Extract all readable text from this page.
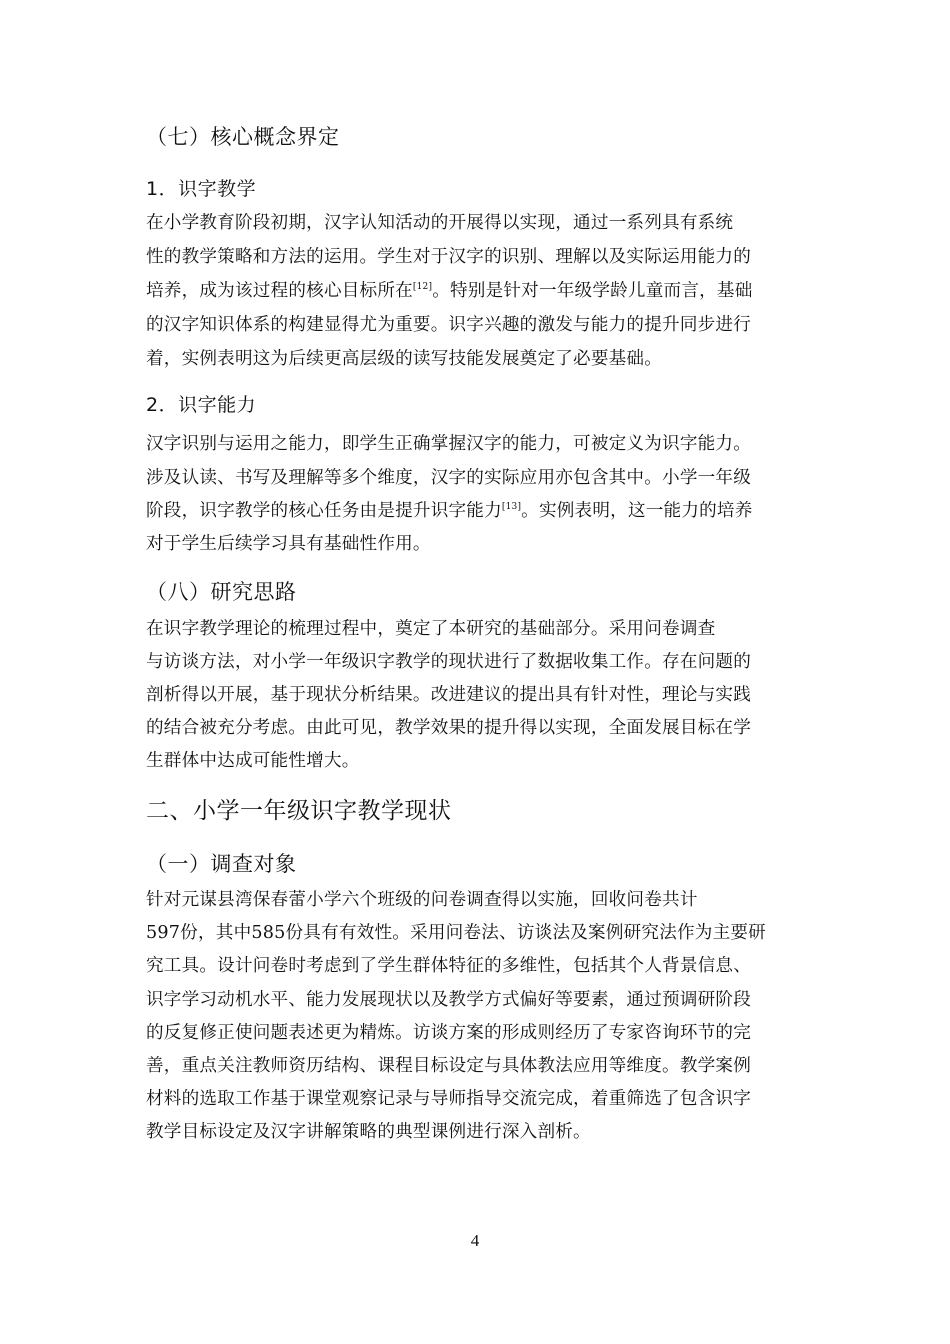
（七）核心概念界定
1．识字教学

在小学教育阶段初期，汉字认知活动的开展得以实现，通过一系列具有系统

性的教学策略和方法的运用。学生对于汉字的识别、理解以及实际运用能力的

培养，成为该过程的核心目标所在[12]。特别是针对一年级学龄儿童而言，基础

的汉字知识体系的构建显得尤为重要。识字兴趣的激发与能力的提升同步进行

着，实例表明这为后续更高层级的读写技能发展奠定了必要基础。

2．识字能力

汉字识别与运用之能力，即学生正确掌握汉字的能力，可被定义为识字能力。

涉及认读、书写及理解等多个维度，汉字的实际应用亦包含其中。小学一年级

阶段，识字教学的核心任务由是提升识字能力[13]。实例表明，这一能力的培养

对于学生后续学习具有基础性作用。

（八）研究思路

在识字教学理论的梳理过程中，奠定了本研究的基础部分。采用问卷调查

与访谈方法，对小学一年级识字教学的现状进行了数据收集工作。存在问题的

剖析得以开展，基于现状分析结果。改进建议的提出具有针对性，理论与实践

的结合被充分考虑。由此可见，教学效果的提升得以实现，全面发展目标在学

生群体中达成可能性增大。

二、小学一年级识字教学现状
（一）调查对象

针对元谋县湾保春蕾小学六个班级的问卷调查得以实施，回收问卷共计

597份，其中585份具有有效性。采用问卷法、访谈法及案例研究法作为主要研

究工具。设计问卷时考虑到了学生群体特征的多维性，包括其个人背景信息、

识字学习动机水平、能力发展现状以及教学方式偏好等要素，通过预调研阶段

的反复修正使问题表述更为精炼。访谈方案的形成则经历了专家咨询环节的完

善，重点关注教师资历结构、课程目标设定与具体教法应用等维度。教学案例

材料的选取工作基于课堂观察记录与导师指导交流完成，着重筛选了包含识字

教学目标设定及汉字讲解策略的典型课例进行深入剖析。

4
